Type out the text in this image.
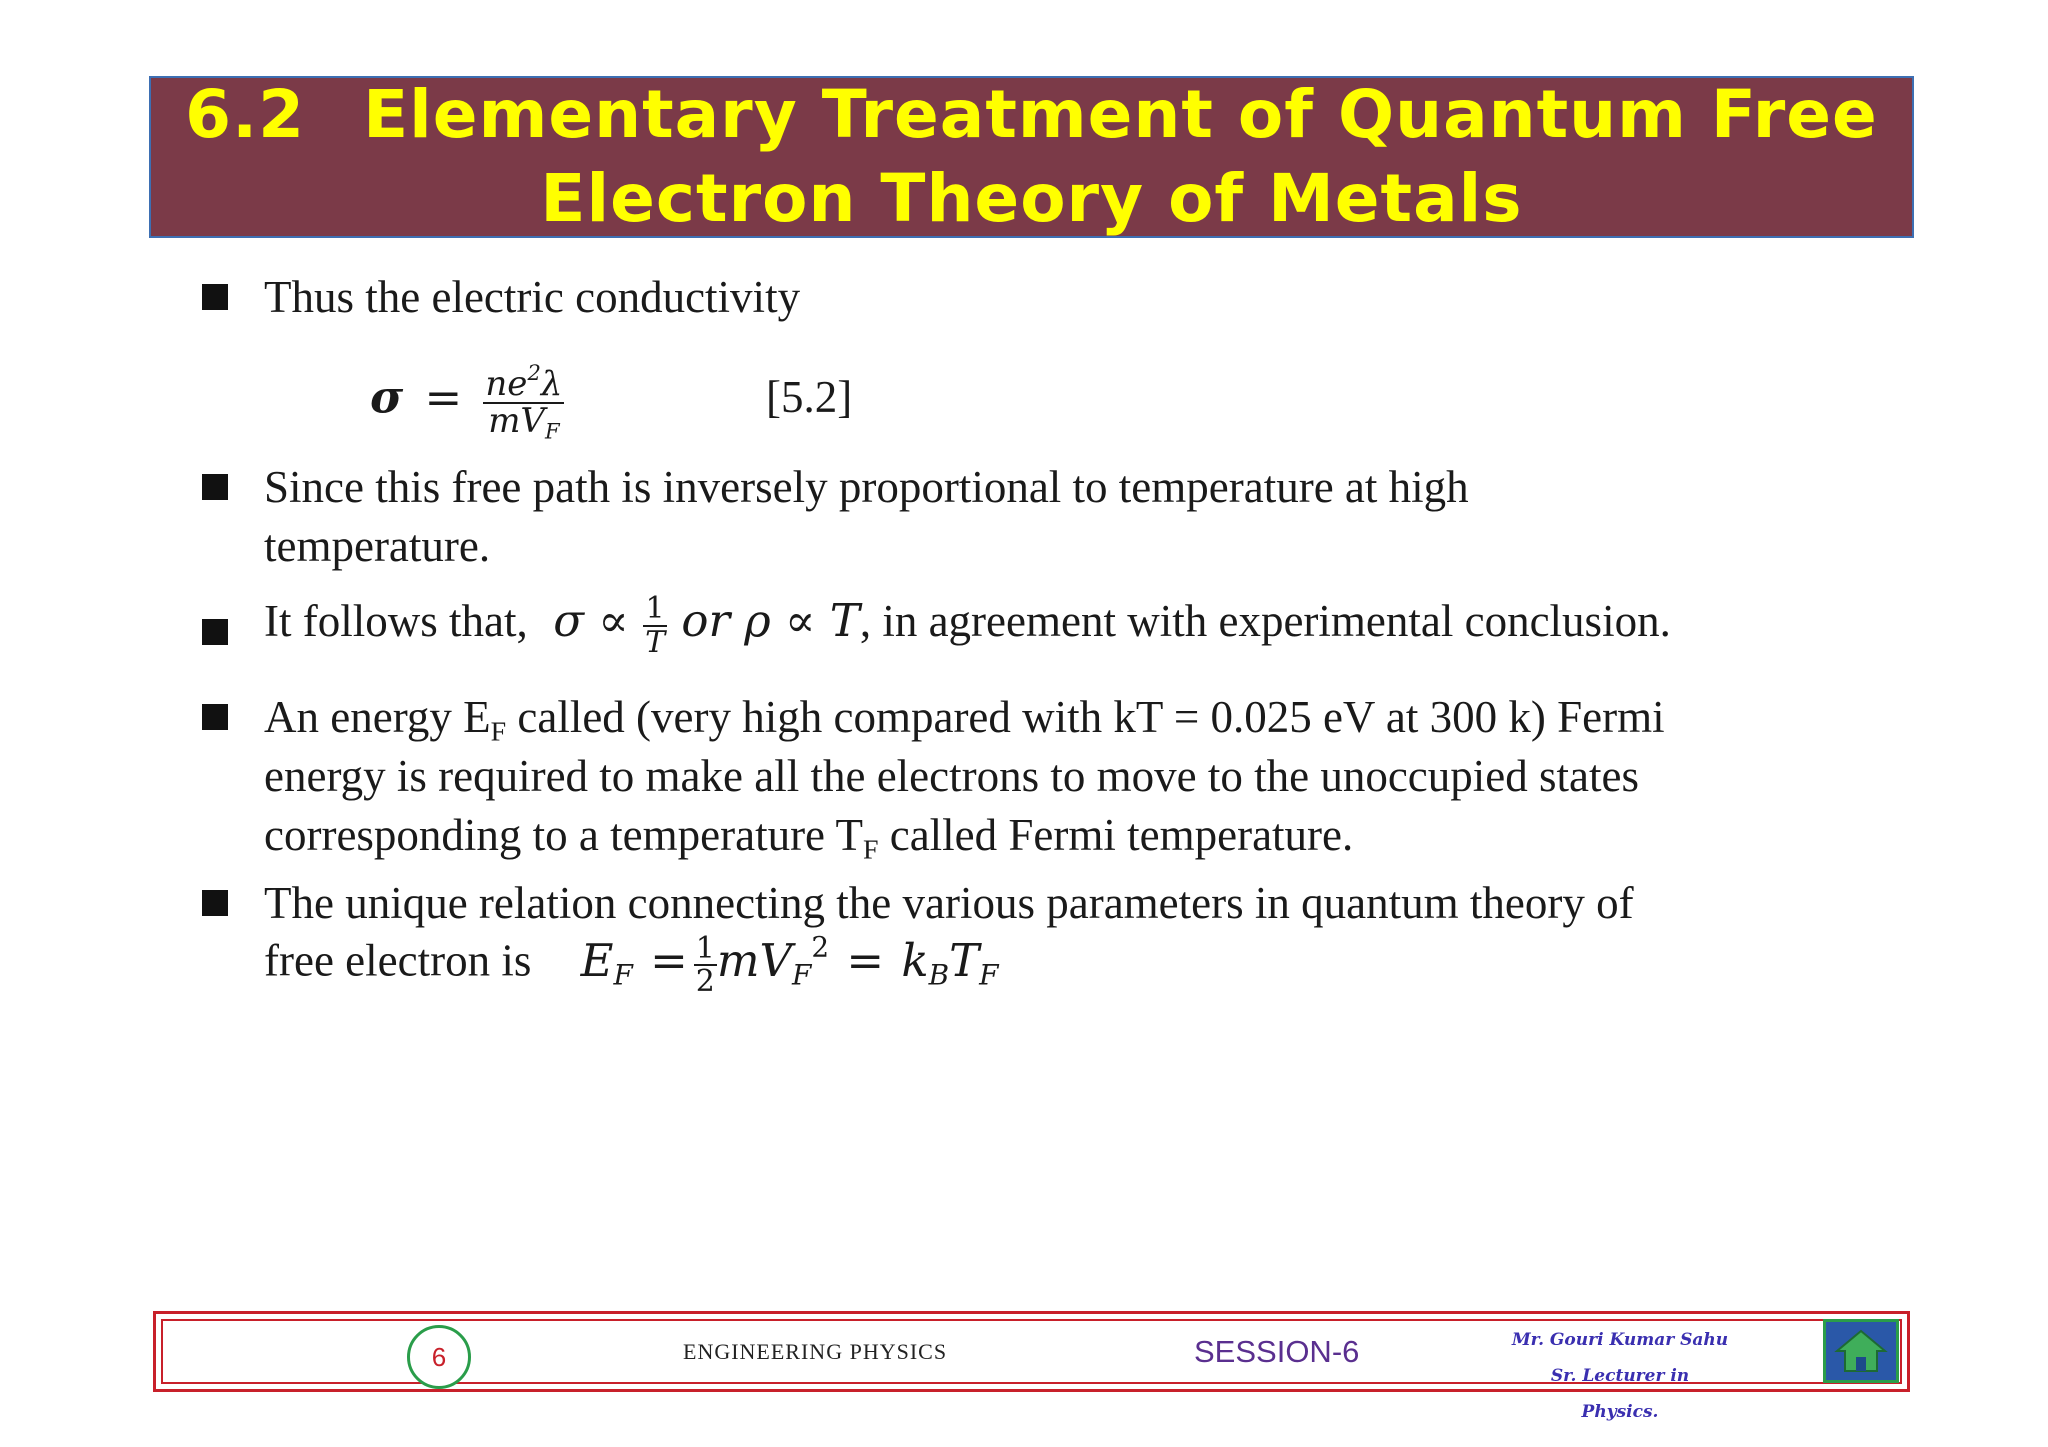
6.2 Elementary Treatment of Quantum Free
Electron Theory of Metals
Thus the electric conductivity
$\sigma = \frac{ne^2\lambda}{mV_F}$	[5.2]
Since this free path is inversely proportional to temperature at high
temperature.
It follows that,  $\sigma \propto \frac{1}{T}$ or ρ ∝ T, in agreement with experimental conclusion.
An energy $E_F$ called (very high compared with kT = 0.025 eV at 300 k) Fermi
energy is required to make all the electrons to move to the unoccupied states
corresponding to a temperature $T_F$ called Fermi temperature.
The unique relation connecting the various parameters in quantum theory of
free electron is $E_F = \frac{1}{2} mV_F^2 = k_BT_F$
6	ENGINEERING PHYSICS	SESSION-6	Mr. Gouri Kumar Sahu
Sr. Lecturer in Physics.
